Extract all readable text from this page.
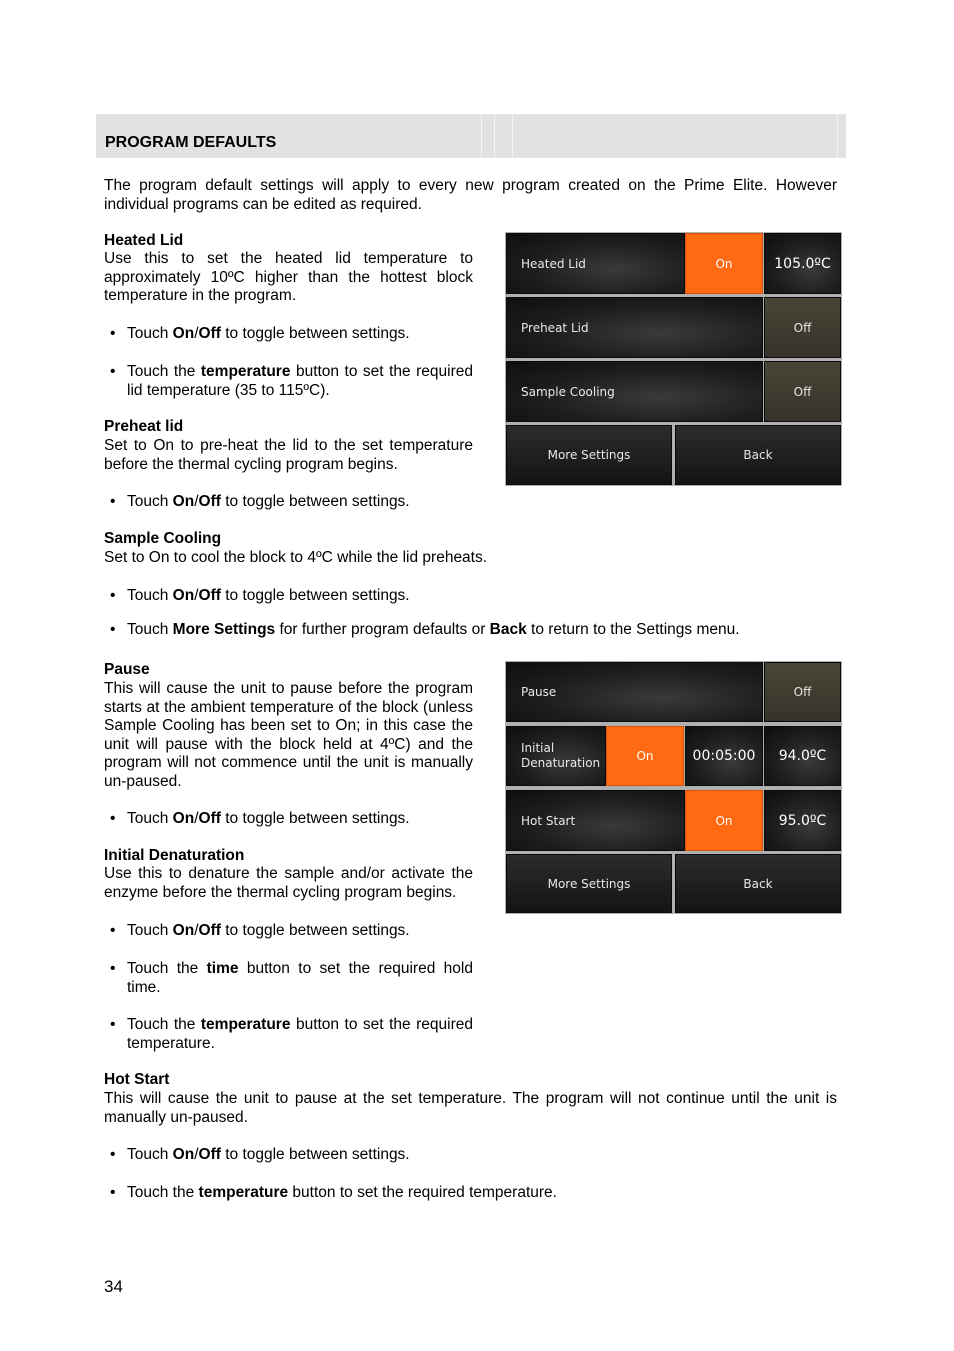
PROGRAM DEFAULTS

The program default settings will apply to every new program created on the Prime Elite. However individual programs can be edited as required.

Heated Lid

Use this to set the heated lid temperature to approximately 10ºC higher than the hottest block temperature in the program.

• Touch On/Off to toggle between settings.
• Touch the temperature button to set the required lid temperature (35 to 115ºC).
Preheat lid

Set to On to pre-heat the lid to the set temperature before the thermal cycling program begins.

• Touch On/Off to toggle between settings.
Sample Cooling

Set to On to cool the block to 4ºC while the lid preheats.

• Touch On/Off to toggle between settings.
• Touch More Settings for further program defaults or Back to return to the Settings menu.
Pause

This will cause the unit to pause before the program starts at the ambient temperature of the block (unless Sample Cooling has been set to On; in this case the unit will pause with the block held at 4ºC) and the program will not commence until the unit is manually un-paused.

• Touch On/Off to toggle between settings.
Initial Denaturation

Use this to denature the sample and/or activate the enzyme before the thermal cycling program begins.

• Touch On/Off to toggle between settings.
• Touch the time button to set the required hold time.
• Touch the temperature button to set the required temperature.
Hot Start

This will cause the unit to pause at the set temperature. The program will not continue until the unit is manually un-paused.

• Touch On/Off to toggle between settings.
• Touch the temperature button to set the required temperature.
Heated Lid	On	105.0ºC
Preheat Lid	Off
Sample Cooling	Off
More Settings	Back
Pause	Off
Initial
Denaturation	On	00:05:00	94.0ºC
Hot Start	On	95.0ºC
More Settings	Back
34
